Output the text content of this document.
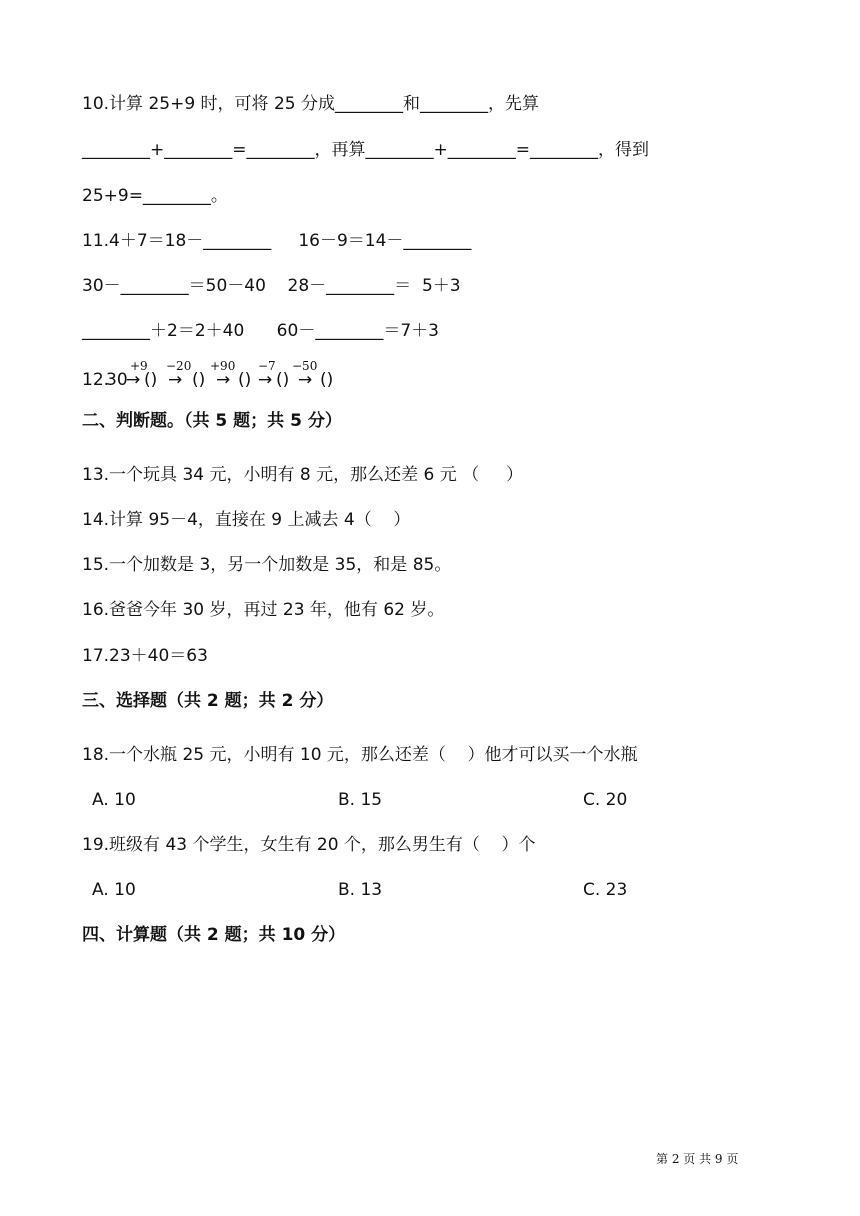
10.计算 25+9 时，可将 25 分成________和________，先算
________+________=________，再算________+________=________，得到
25+9=________。
11.4＋7＝18－________     16－9＝14－________
30－________＝50－40    28－________＝  5＋3
________＋2＝2＋40      60－________＝7＋3
12.
30
+9
→ ()
−20
→ ()
+90
→ ()
−7
→ ()
−50
→ ()
二、判断题。（共 5 题；共 5 分）
13.一个玩具 34 元，小明有 8 元，那么还差 6 元 （     ）
14.计算 95－4，直接在 9 上减去 4（    ）
15.一个加数是 3，另一个加数是 35，和是 85。
16.爸爸今年 30 岁，再过 23 年，他有 62 岁。
17.23＋40＝63
三、选择题（共 2 题；共 2 分）
18.一个水瓶 25 元，小明有 10 元，那么还差（    ）他才可以买一个水瓶
A. 10	B. 15	C. 20
19.班级有 43 个学生，女生有 20 个，那么男生有（    ）个
A. 10	B. 13	C. 23
四、计算题（共 2 题；共 10 分）
第 2 页 共 9 页
